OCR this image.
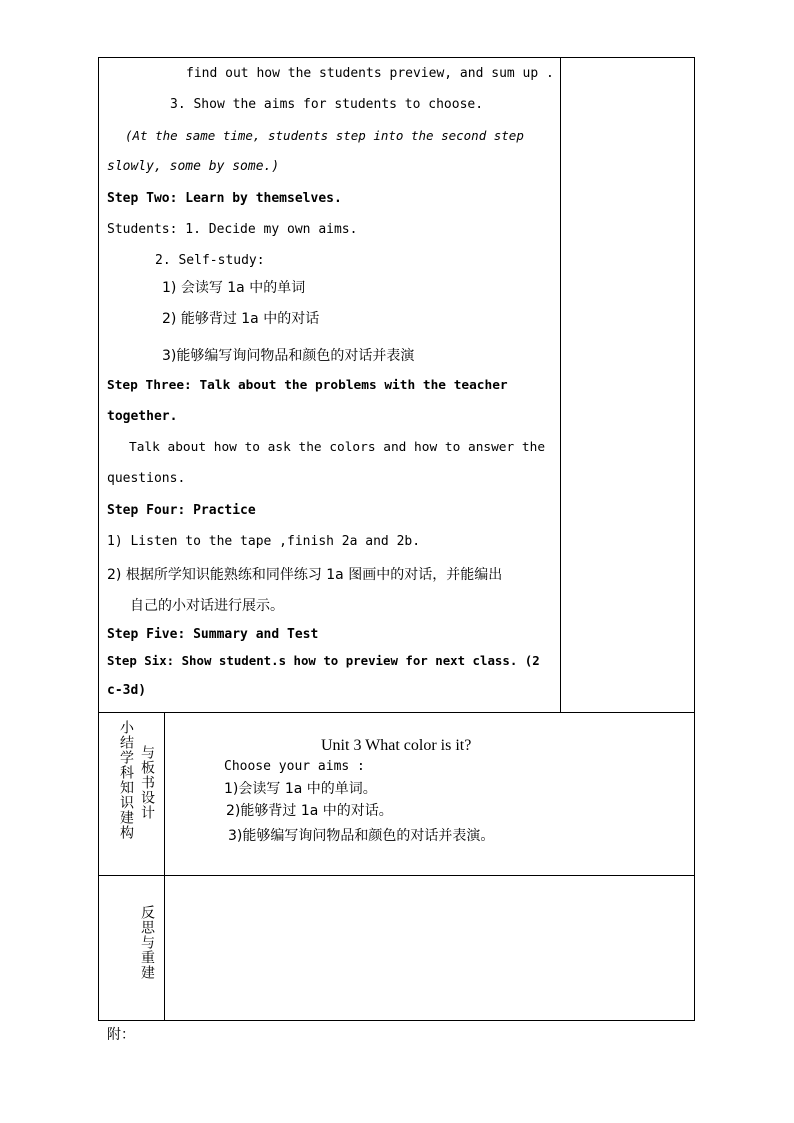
find out how the students preview, and sum up .
3. Show the aims for students to choose.
(At the same time, students step into the second step
slowly, some by some.)
Step Two: Learn by themselves.
Students: 1. Decide my own aims.
2. Self-study:
1) 会读写 1a 中的单词
2) 能够背过 1a 中的对话
3)能够编写询问物品和颜色的对话并表演
Step Three: Talk about the problems with the teacher
together.
Talk about how to ask the colors and how to answer the
questions.
Step Four: Practice
1) Listen to the tape ,finish 2a and 2b.
2) 根据所学知识能熟练和同伴练习 1a 图画中的对话，并能编出
自己的小对话进行展示。
Step Five: Summary and Test
Step Six: Show student.s how to preview for next class. (2
c-3d)
小结学科知识建构 与板书设计	Unit 3 What color is it?
Choose your aims :
1)会读写 1a 中的单词。
2)能够背过 1a 中的对话。
3)能够编写询问物品和颜色的对话并表演。
反思与重建
附：
